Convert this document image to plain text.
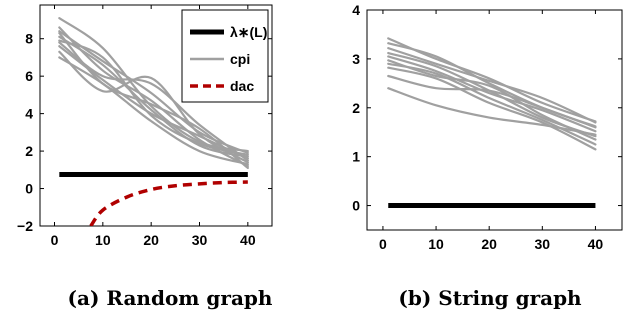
0	10 20 30 40
−2
0
2
4
6
8	λ∗(L)
cpi
dac
0	10	20	30	40
0
1
2
3
4
(a) Random graph	(b) String graph
